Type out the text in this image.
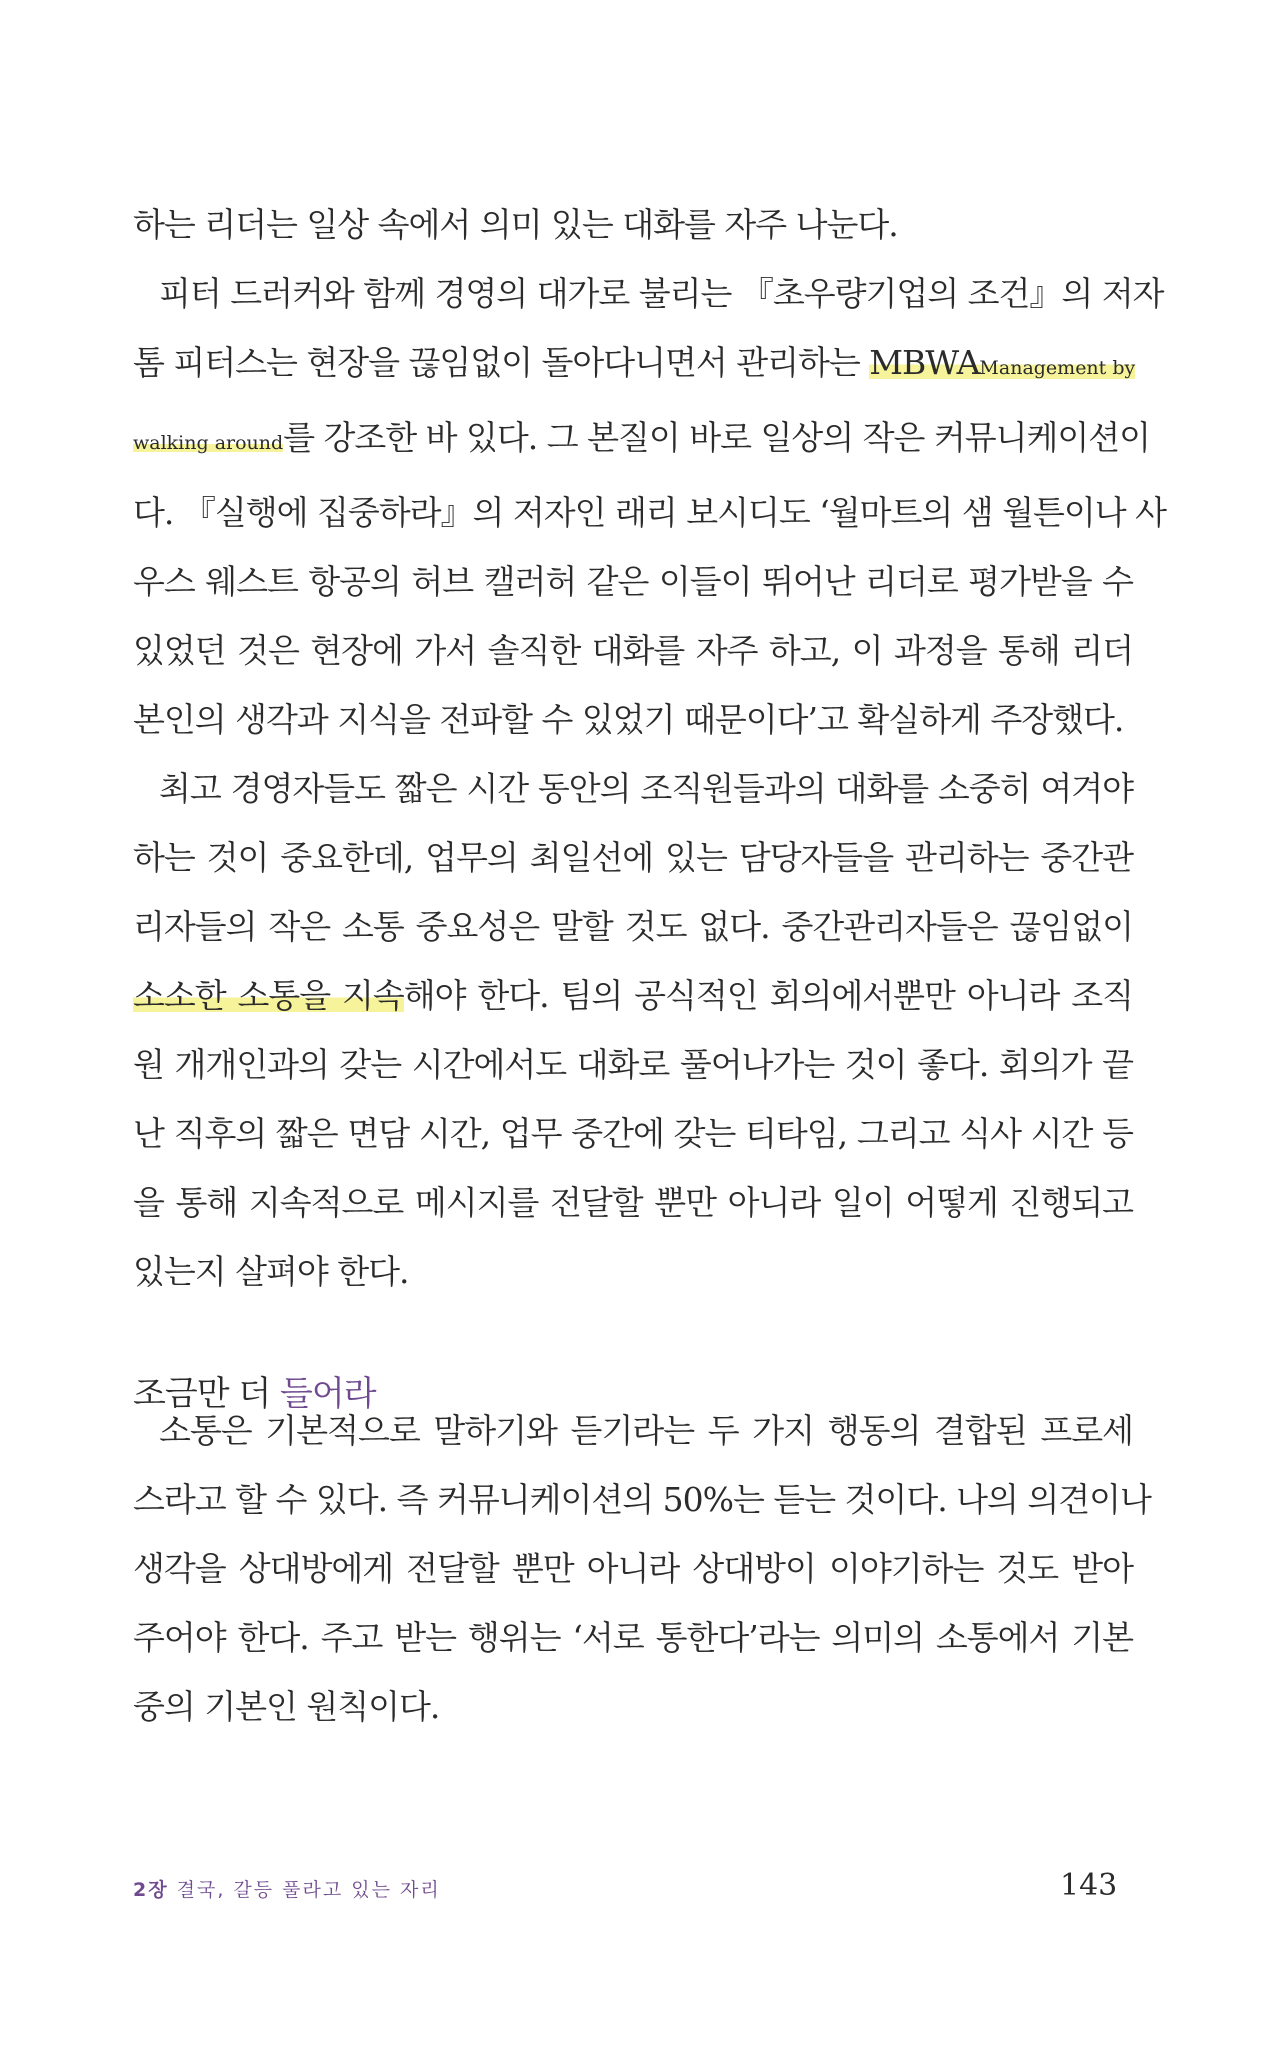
하는 리더는 일상 속에서 의미 있는 대화를 자주 나눈다.

피터 드러커와 함께 경영의 대가로 불리는 『초우량기업의 조건』의 저자
톰 피터스는 현장을 끊임없이 돌아다니면서 관리하는 MBWAManagement by
walking around를 강조한 바 있다. 그 본질이 바로 일상의 작은 커뮤니케이션이
다. 『실행에 집중하라』의 저자인 래리 보시디도 ‘월마트의 샘 월튼이나 사
우스 웨스트 항공의 허브 캘러허 같은 이들이 뛰어난 리더로 평가받을 수
있었던 것은 현장에 가서 솔직한 대화를 자주 하고, 이 과정을 통해 리더
본인의 생각과 지식을 전파할 수 있었기 때문이다’고 확실하게 주장했다.

최고 경영자들도 짧은 시간 동안의 조직원들과의 대화를 소중히 여겨야
하는 것이 중요한데, 업무의 최일선에 있는 담당자들을 관리하는 중간관
리자들의 작은 소통 중요성은 말할 것도 없다. 중간관리자들은 끊임없이
소소한 소통을 지속해야 한다. 팀의 공식적인 회의에서뿐만 아니라 조직
원 개개인과의 갖는 시간에서도 대화로 풀어나가는 것이 좋다. 회의가 끝
난 직후의 짧은 면담 시간, 업무 중간에 갖는 티타임, 그리고 식사 시간 등
을 통해 지속적으로 메시지를 전달할 뿐만 아니라 일이 어떻게 진행되고
있는지 살펴야 한다.

조금만 더 들어라

소통은 기본적으로 말하기와 듣기라는 두 가지 행동의 결합된 프로세
스라고 할 수 있다. 즉 커뮤니케이션의 50%는 듣는 것이다. 나의 의견이나
생각을 상대방에게 전달할 뿐만 아니라 상대방이 이야기하는 것도 받아
주어야 한다. 주고 받는 행위는 ‘서로 통한다’라는 의미의 소통에서 기본
중의 기본인 원칙이다.

2장 결국, 갈등 풀라고 있는 자리	143
